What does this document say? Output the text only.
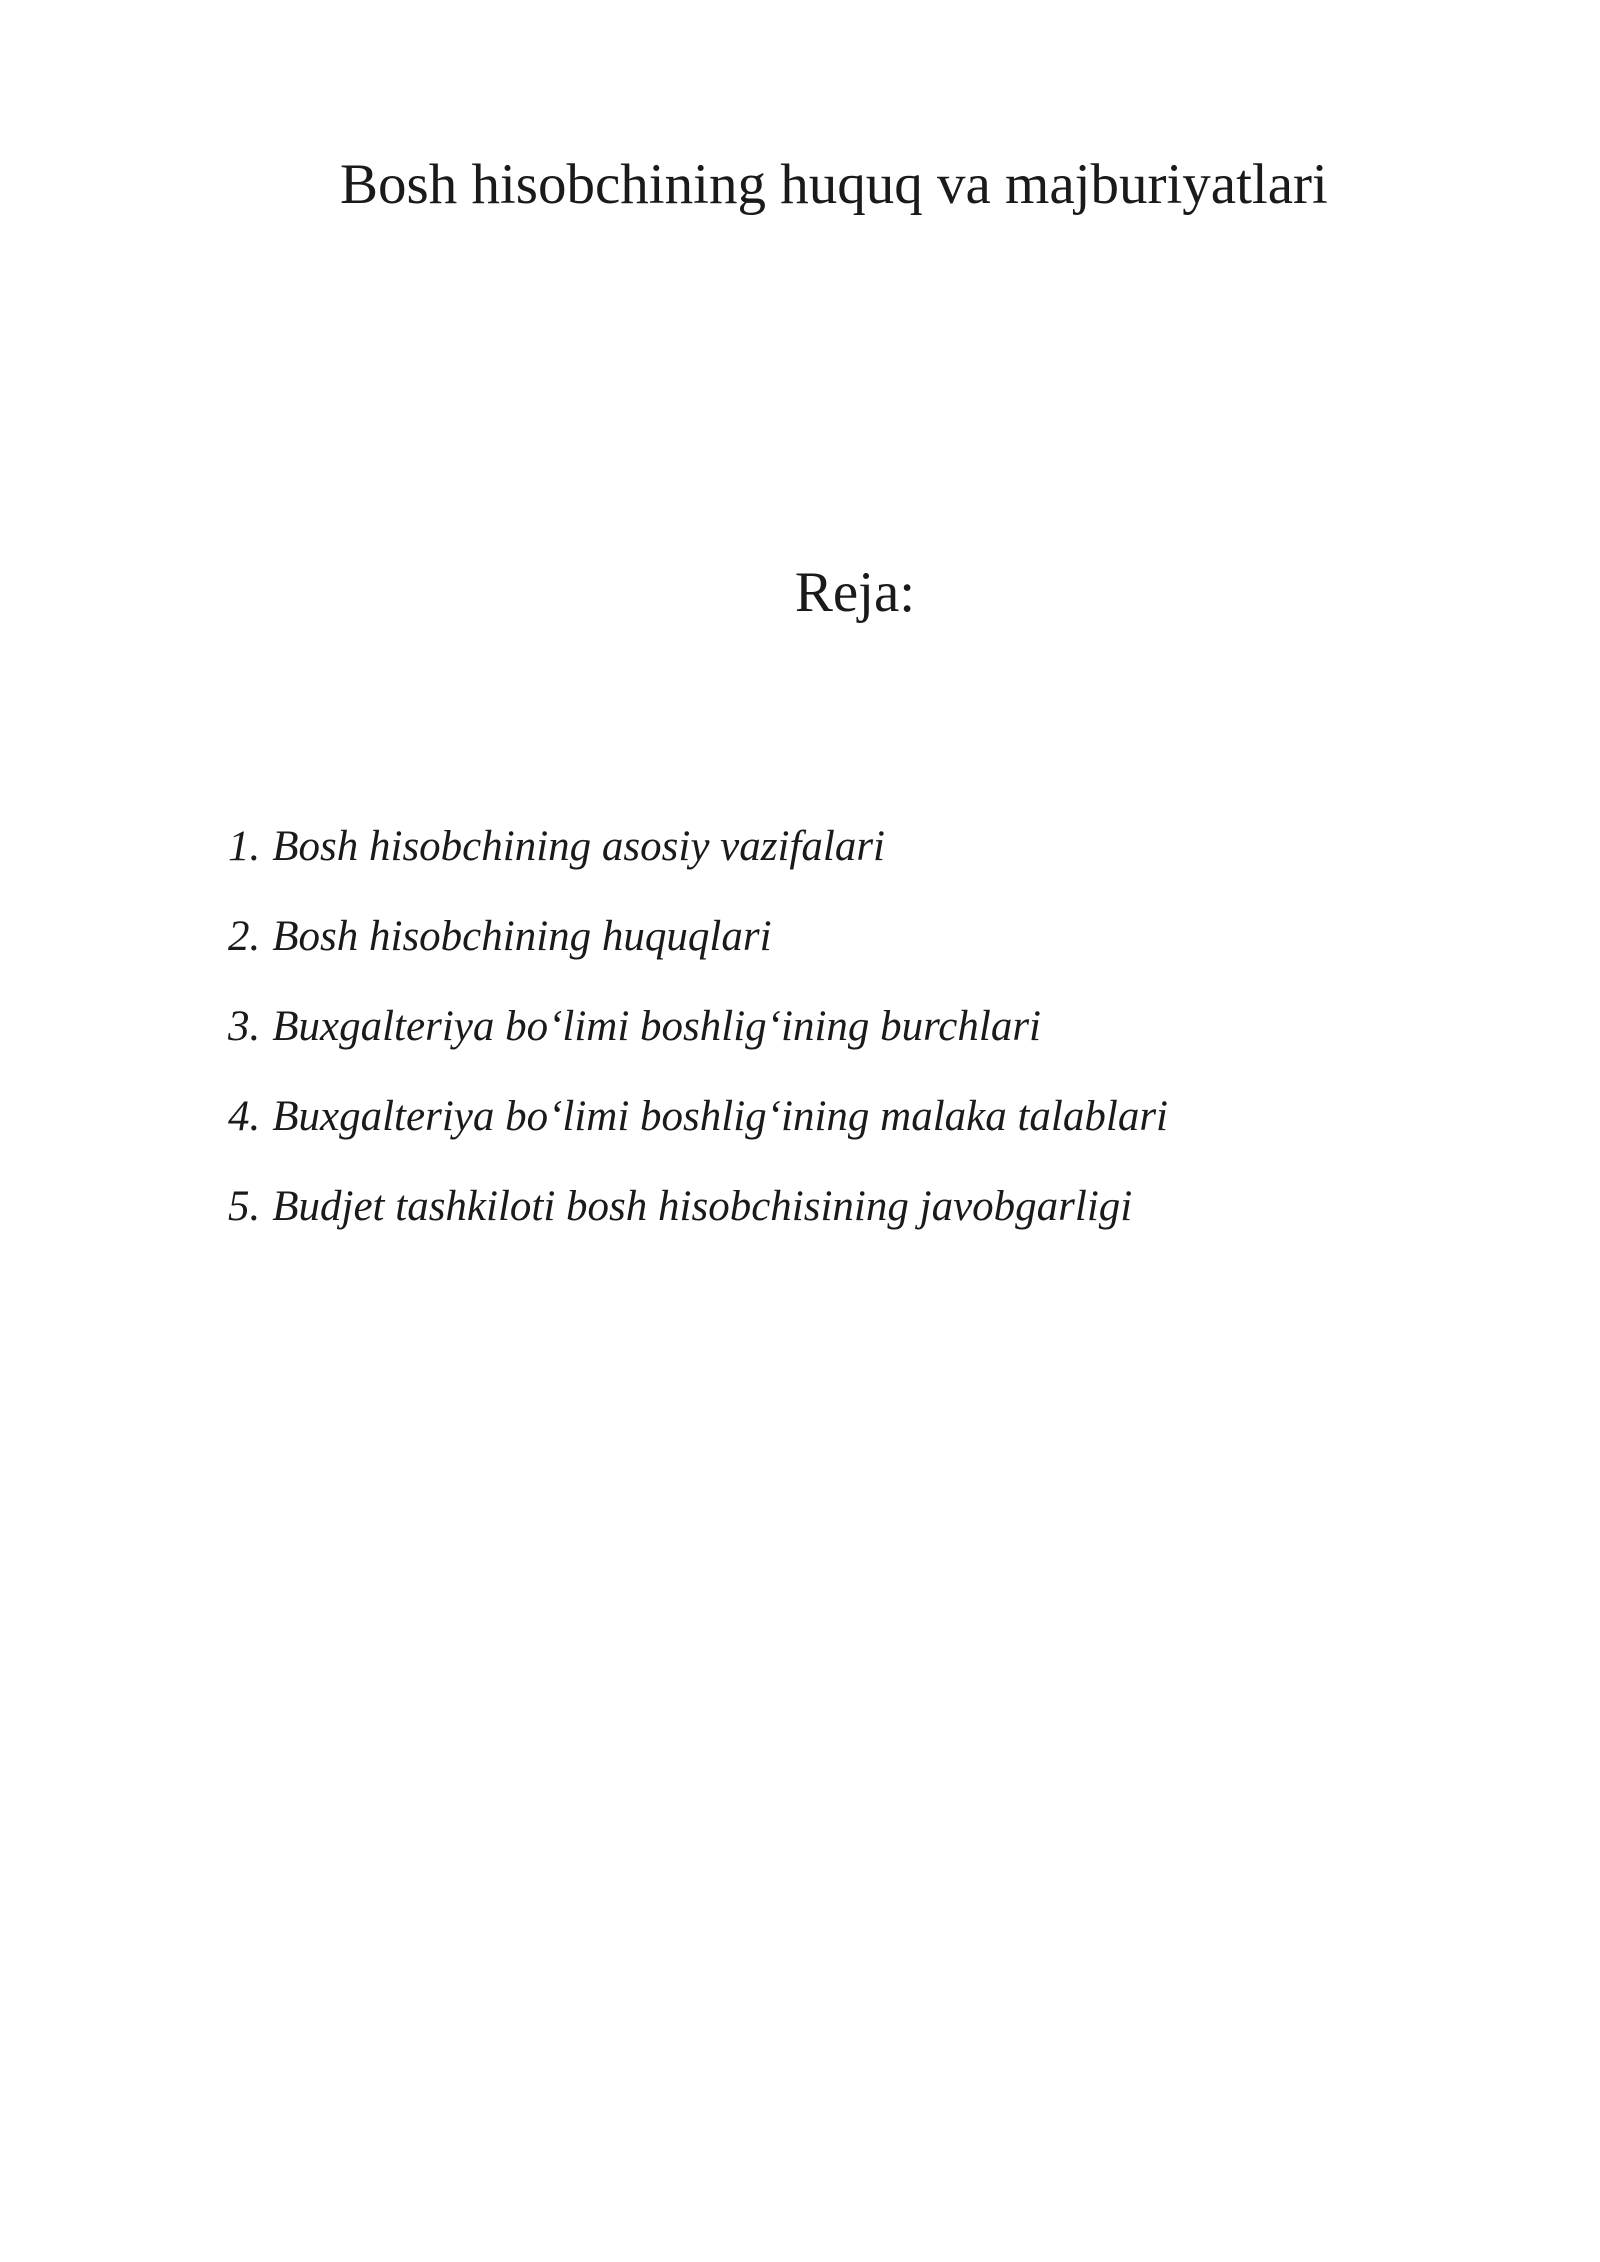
Bosh hisobchining huquq va majburiyatlari
Reja:
1. Bosh hisobchining asosiy vazifalari
2. Bosh hisobchining huquqlari
3. Buxgalteriya bo‘limi boshlig‘ining burchlari
4. Buxgalteriya bo‘limi boshlig‘ining malaka talablari
5. Budjet tashkiloti bosh hisobchisining javobgarligi
